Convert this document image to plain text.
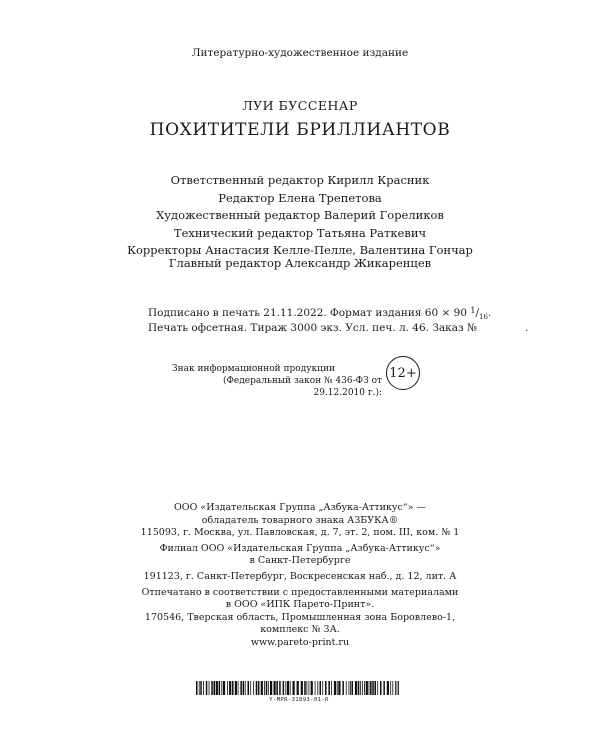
Литературно-художественное издание
ЛУИ БУССЕНАР
ПОХИТИТЕЛИ БРИЛЛИАНТОВ
Ответственный редактор Кирилл Красник
Редактор Елена Трепетова
Художественный редактор Валерий Гореликов
Технический редактор Татьяна Раткевич
Корректоры Анастасия Келле-Пелле, Валентина Гончар
Главный редактор Александр Жикаренцев
Подписано в печать 21.11.2022. Формат издания 60 × 90 $^1/_{16}$.
Печать офсетная. Тираж 3000 экз. Усл. печ. л. 46. Заказ №	.
Знак информационной продукции
(Федеральный закон № 436-ФЗ от 29.12.2010 г.):
12+

ООО «Издательская Группа „Азбука-Аттикус“» —

обладатель товарного знака АЗБУКА®

115093, г. Москва, ул. Павловская, д. 7, эт. 2, пом. III, ком. № 1

Филиал ООО «Издательская Группа „Азбука-Аттикус“»

в Санкт-Петербурге

191123, г. Санкт-Петербург, Воскресенская наб., д. 12, лит. А

Отпечатано в соответствии с предоставленными материалами

в ООО «ИПК Парето-Принт».

170546, Тверская область, Промышленная зона Боровлево-1,

комплекс № 3А.

www.pareto-print.ru

Y-MPR-31893-01-R
